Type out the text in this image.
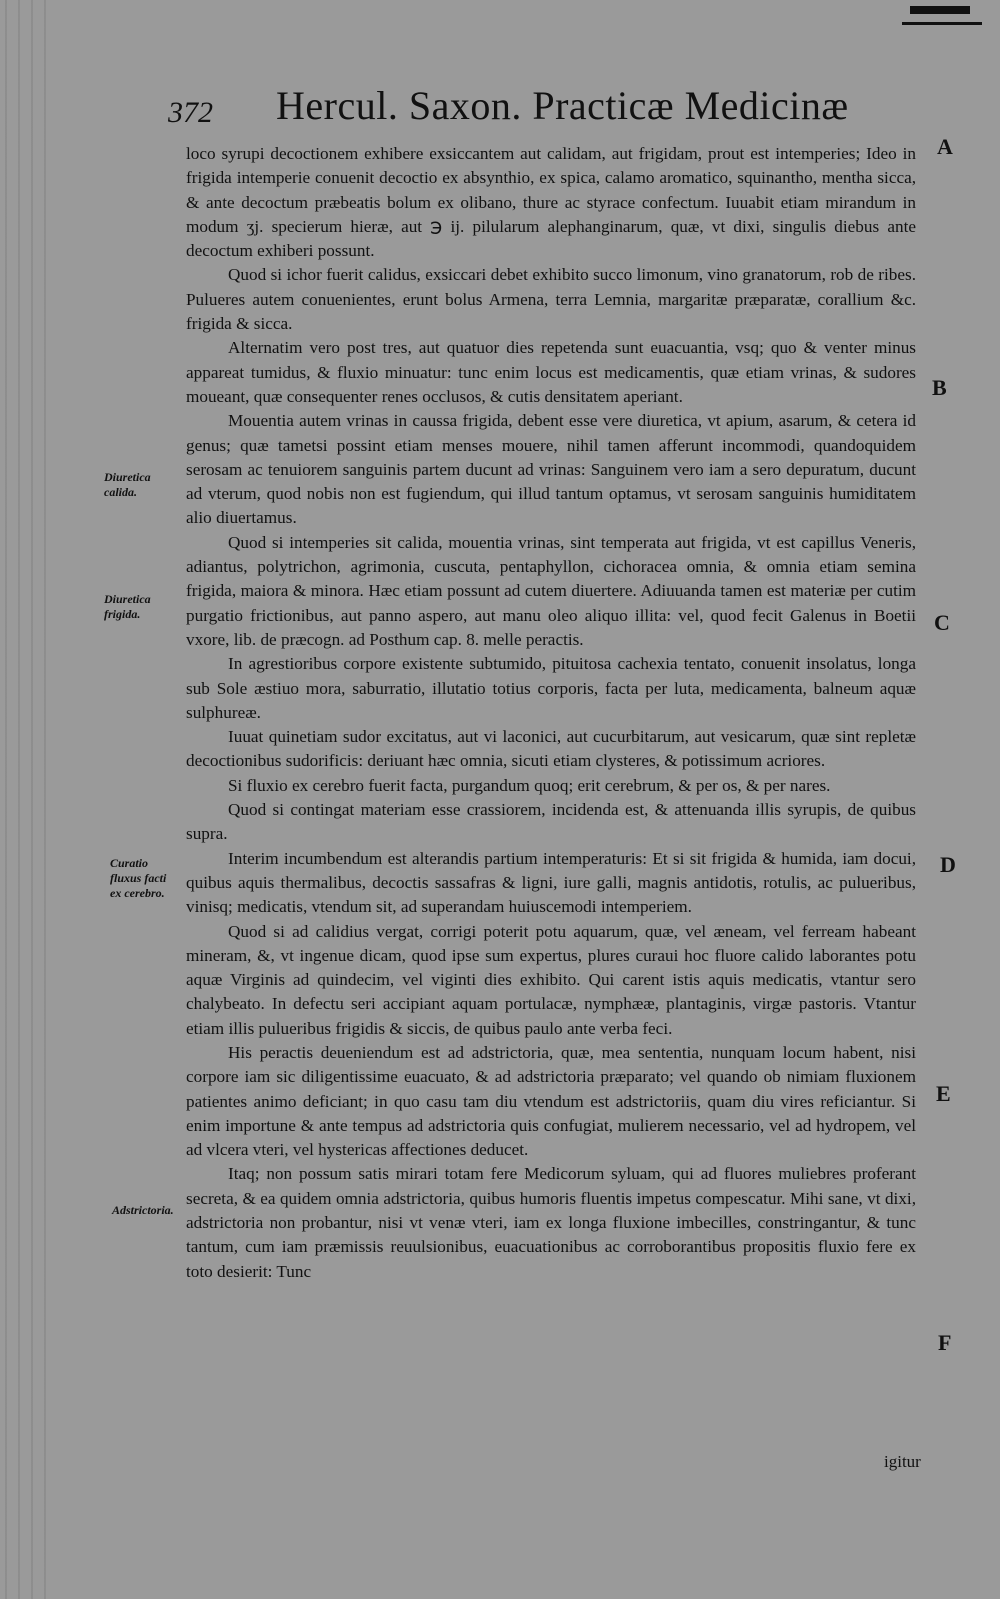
372 Hercul. Saxon. Practicæ Medicinæ

loco syrupi decoctionem exhibere exsiccantem aut calidam, aut frigidam, prout est intemperies; Ideo in frigida intemperie conuenit decoctio ex absynthio, ex spica, calamo aromatico, squinantho, mentha sicca, & ante decoctum præbeatis bolum ex olibano, thure ac styrace confectum. Iuuabit etiam mirandum in modum ʒj. specierum hieræ, aut ℈ ij. pilularum alephanginarum, quæ, vt dixi, singulis diebus ante decoctum exhiberi possunt.

Quod si ichor fuerit calidus, exsiccari debet exhibito succo limonum, vino granatorum, rob de ribes. Pulueres autem conuenientes, erunt bolus Armena, terra Lemnia, margaritæ præparatæ, corallium &c. frigida & sicca.

Alternatim vero post tres, aut quatuor dies repetenda sunt euacuantia, vsq; quo & venter minus appareat tumidus, & fluxio minuatur: tunc enim locus est medicamentis, quæ etiam vrinas, & sudores moueant, quæ consequenter renes occlusos, & cutis densitatem aperiant.

Mouentia autem vrinas in caussa frigida, debent esse vere diuretica, vt apium, asarum, & cetera id genus; quæ tametsi possint etiam menses mouere, nihil tamen afferunt incommodi, quandoquidem serosam ac tenuiorem sanguinis partem ducunt ad vrinas: Sanguinem vero iam a sero depuratum, ducunt ad vterum, quod nobis non est fugiendum, qui illud tantum optamus, vt serosam sanguinis humiditatem alio diuertamus.

Quod si intemperies sit calida, mouentia vrinas, sint temperata aut frigida, vt est capillus Veneris, adiantus, polytrichon, agrimonia, cuscuta, pentaphyllon, cichoracea omnia, & omnia etiam semina frigida, maiora & minora. Hæc etiam possunt ad cutem diuertere. Adiuuanda tamen est materiæ per cutim purgatio frictionibus, aut panno aspero, aut manu oleo aliquo illita: vel, quod fecit Galenus in Boetii vxore, lib. de præcogn. ad Posthum cap. 8. melle peractis.

In agrestioribus corpore existente subtumido, pituitosa cachexia tentato, conuenit insolatus, longa sub Sole æstiuo mora, saburratio, illutatio totius corporis, facta per luta, medicamenta, balneum aquæ sulphureæ.

Iuuat quinetiam sudor excitatus, aut vi laconici, aut cucurbitarum, aut vesicarum, quæ sint repletæ decoctionibus sudorificis: deriuant hæc omnia, sicuti etiam clysteres, & potissimum acriores.

Si fluxio ex cerebro fuerit facta, purgandum quoq; erit cerebrum, & per os, & per nares.

Quod si contingat materiam esse crassiorem, incidenda est, & attenuanda illis syrupis, de quibus supra.

Interim incumbendum est alterandis partium intemperaturis: Et si sit frigida & humida, iam docui, quibus aquis thermalibus, decoctis sassafras & ligni, iure galli, magnis antidotis, rotulis, ac pulueribus, vinisq; medicatis, vtendum sit, ad superandam huiuscemodi intemperiem.

Quod si ad calidius vergat, corrigi poterit potu aquarum, quæ, vel æneam, vel ferream habeant mineram, &, vt ingenue dicam, quod ipse sum expertus, plures curaui hoc fluore calido laborantes potu aquæ Virginis ad quindecim, vel viginti dies exhibito. Qui carent istis aquis medicatis, vtantur sero chalybeato. In defectu seri accipiant aquam portulacæ, nymphææ, plantaginis, virgæ pastoris. Vtantur etiam illis pulueribus frigidis & siccis, de quibus paulo ante verba feci.

His peractis deueniendum est ad adstrictoria, quæ, mea sententia, nunquam locum habent, nisi corpore iam sic diligentissime euacuato, & ad adstrictoria præparato; vel quando ob nimiam fluxionem patientes animo deficiant; in quo casu tam diu vtendum est adstrictoriis, quam diu vires reficiantur. Si enim importune & ante tempus ad adstrictoria quis confugiat, mulierem necessario, vel ad hydropem, vel ad vlcera vteri, vel hystericas affectiones deducet.

Itaq; non possum satis mirari totam fere Medicorum syluam, qui ad fluores muliebres proferant secreta, & ea quidem omnia adstrictoria, quibus humoris fluentis impetus compescatur. Mihi sane, vt dixi, adstrictoria non probantur, nisi vt venæ vteri, iam ex longa fluxione imbecilles, constringantur, & tunc tantum, cum iam præmissis reuulsionibus, euacuationibus ac corroborantibus propositis fluxio fere ex toto desierit: Tunc

A
B
C
D
E
F
Diuretica calida.
Diuretica frigida.
Curatio fluxus facti ex cerebro.
Adstrictoria.
igitur
